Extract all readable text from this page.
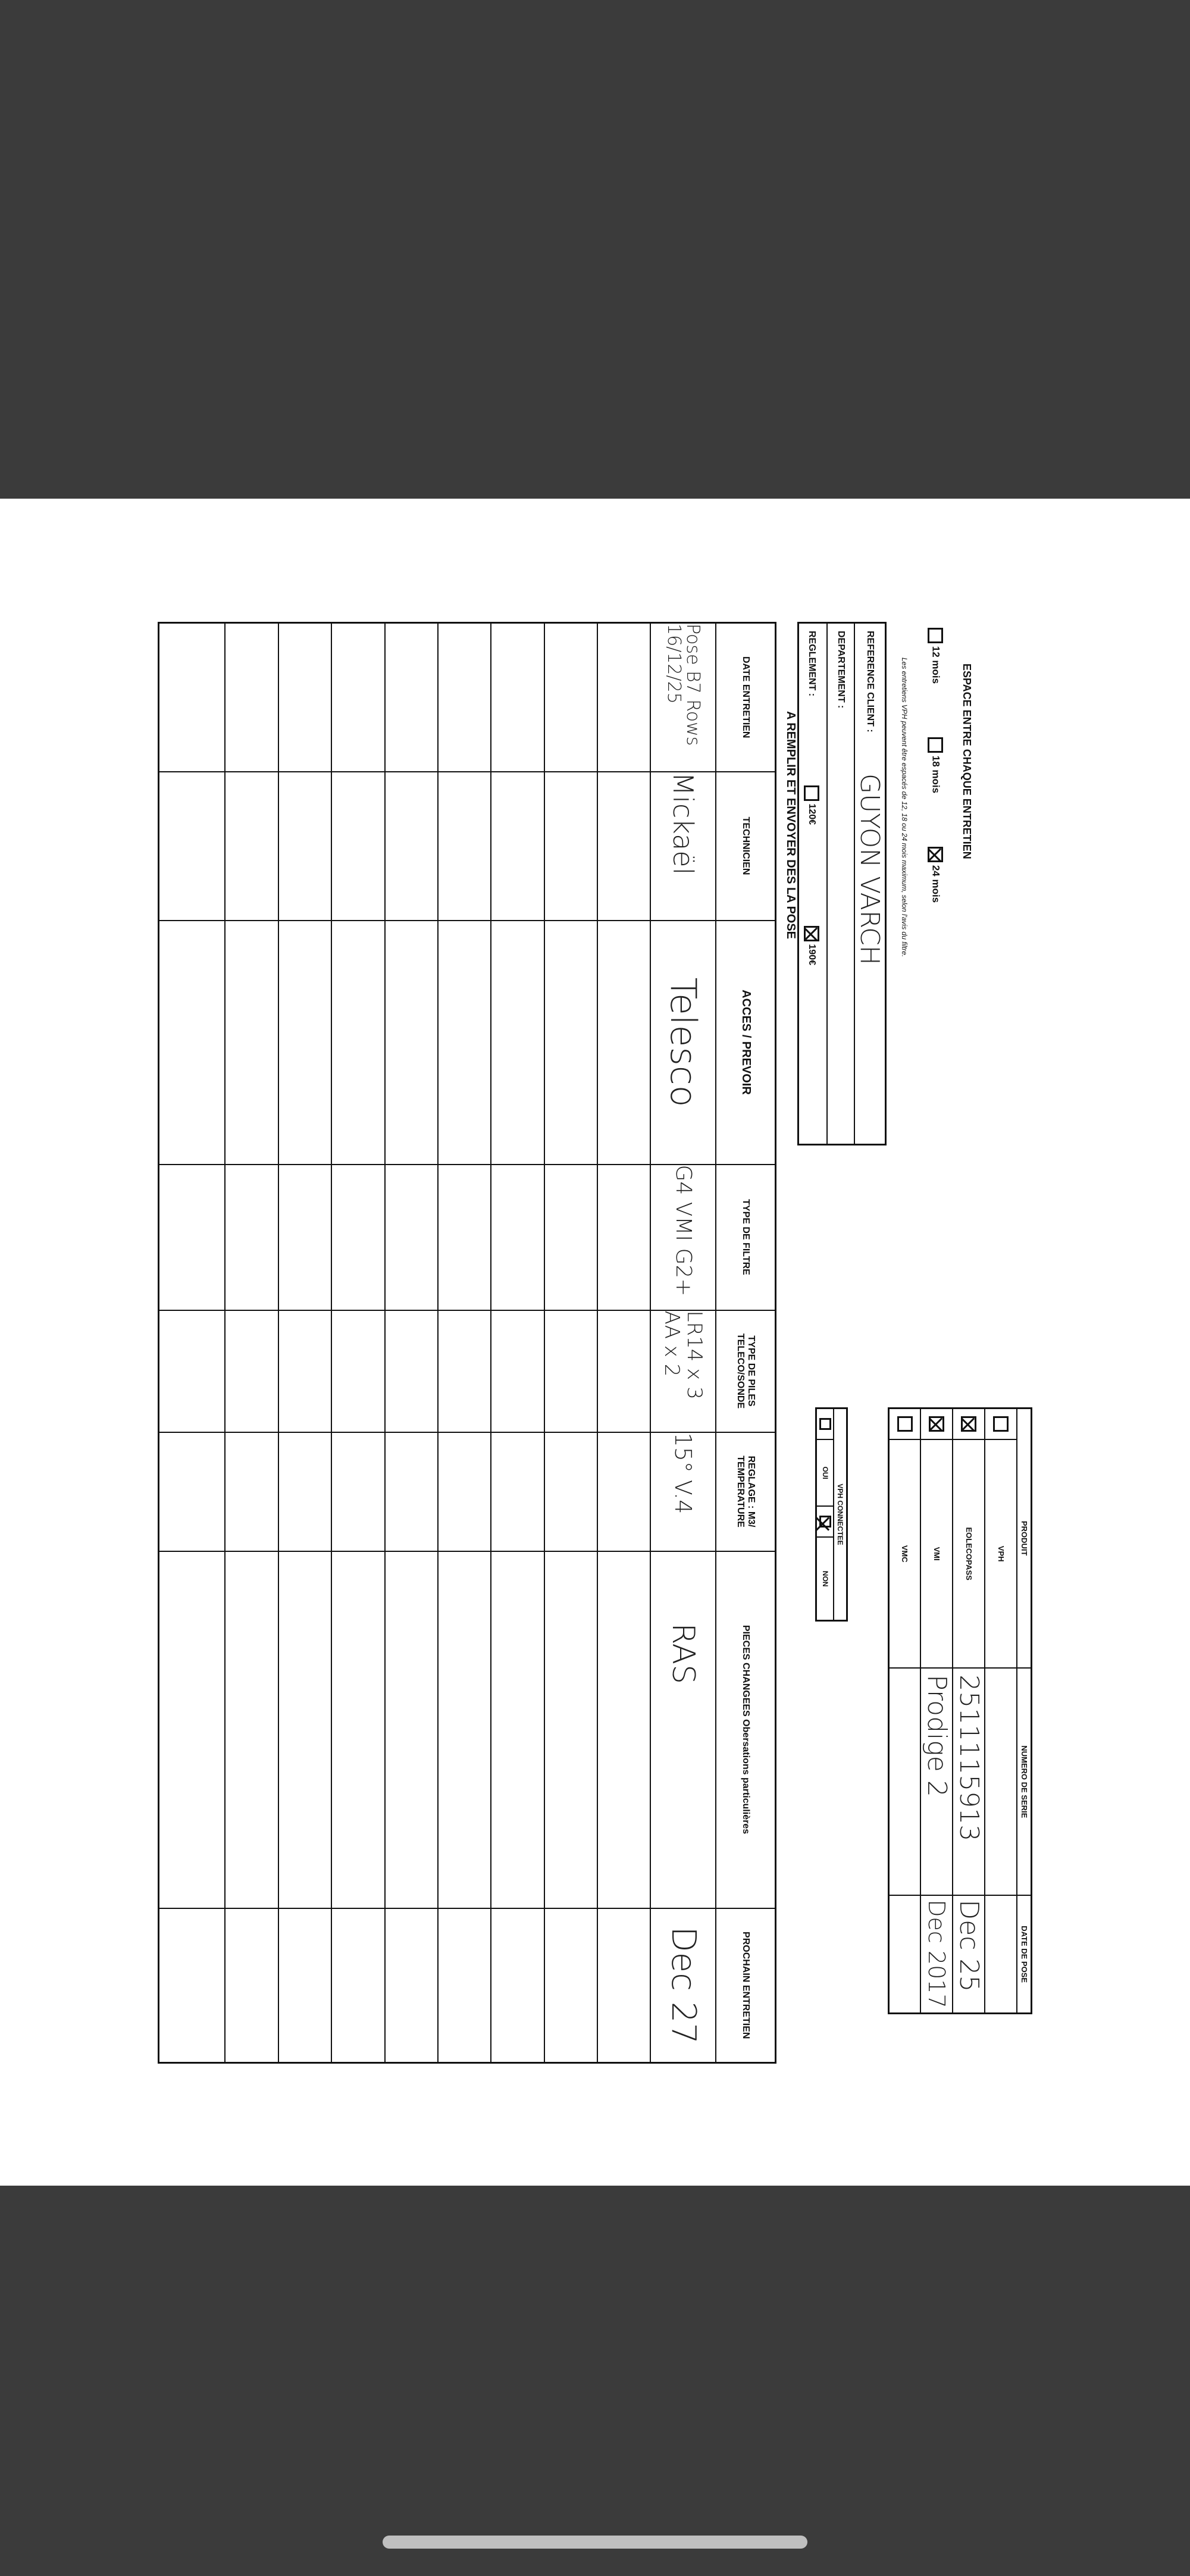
ESPACE ENTRE CHAQUE ENTRETIEN
12 mois
18 mois
24 mois
Les entretiens VPH peuvent être espacés de 12, 18 ou 24 mois maximum, selon l'avis du filtre.
REFERENCE CLIENT :
GUYON VARCH
DEPARTEMENT :
REGLEMENT :
120€
190€
A REMPLIR ET ENVOYER DES LA POSE
PRODUIT		NUMERO DE SERIE	DATE DE POSE
	VPH		
	EOLECOPASS	2511115913	Dec 25
	VMI	Prodige 2	Dec 2017
	VMC		
VPH CONNECTEE
	OUI		NON
DATE ENTRETIEN	TECHNICIEN	ACCES / PREVOIR	TYPE DE FILTRE	TYPE DE PILES TELECO/SONDE	REGLAGE : M3/ TEMPERATURE	PIECES CHANGEES Obersations particulières	PROCHAIN ENTRETIEN
Pose B7 Rows 16/12/25	Mickaël	Telesco	G4 VMI G2+	LR14 x 3 AA x 2	15° V.4	RAS	Dec 27
